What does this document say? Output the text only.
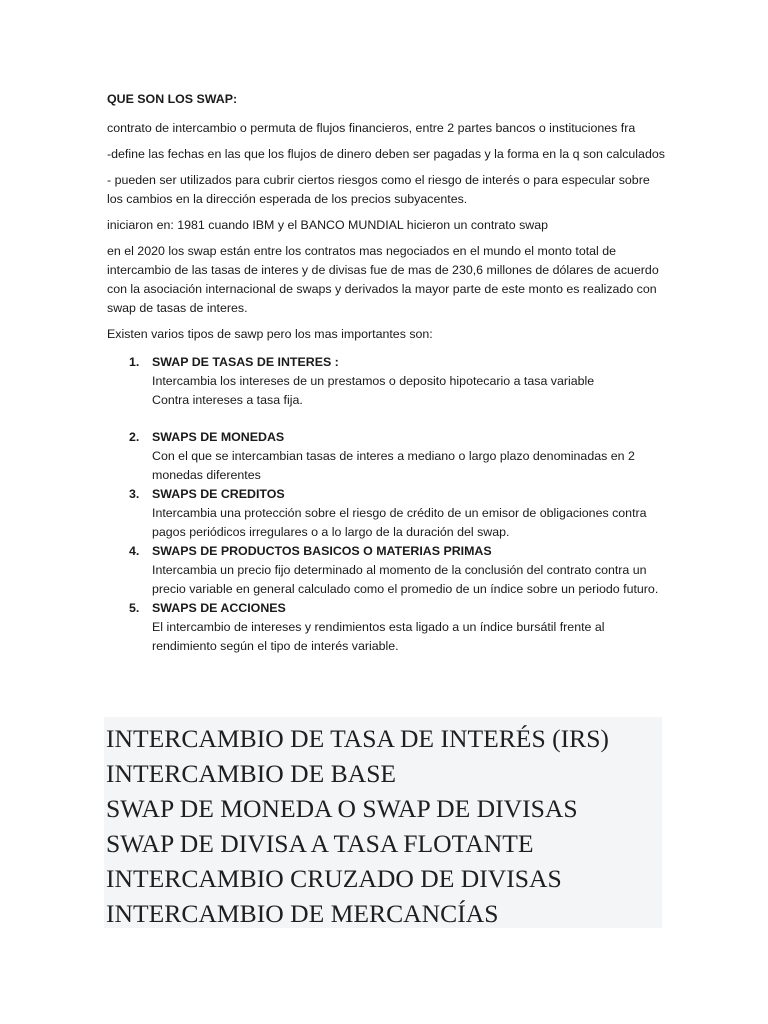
QUE SON LOS SWAP:
contrato de intercambio o permuta de flujos financieros, entre 2 partes bancos o instituciones fra
-define las fechas en las que los flujos de dinero deben ser pagadas y la forma en la q son calculados
- pueden ser utilizados para cubrir ciertos riesgos como el riesgo de interés o para especular sobre los cambios en la dirección esperada de los precios subyacentes.
iniciaron en: 1981 cuando IBM y el BANCO MUNDIAL hicieron un contrato swap
en el 2020 los swap están entre los contratos mas negociados en el mundo el monto total de intercambio de las tasas de interes y de divisas fue de mas de 230,6 millones de dólares de acuerdo con la asociación internacional de swaps y derivados la mayor parte de este monto es realizado con swap de tasas de interes.
Existen varios tipos de sawp pero los mas importantes son:
1. SWAP DE TASAS DE INTERES :
Intercambia los intereses de un prestamos o deposito hipotecario a tasa variable Contra intereses a tasa fija.
2. SWAPS DE MONEDAS
Con el que se intercambian tasas de interes a mediano o largo plazo denominadas en 2 monedas diferentes
3. SWAPS DE CREDITOS
Intercambia una protección sobre el riesgo de crédito de un emisor de obligaciones contra pagos periódicos irregulares o a lo largo de la duración del swap.
4. SWAPS DE PRODUCTOS BASICOS O MATERIAS PRIMAS
Intercambia un precio fijo determinado al momento de la conclusión del contrato contra un precio variable en general calculado como el promedio de un índice sobre un periodo futuro.
5. SWAPS DE ACCIONES
El intercambio de intereses y rendimientos esta ligado a un índice bursátil frente al rendimiento según el tipo de interés variable.
INTERCAMBIO DE TASA DE INTERÉS (IRS)
INTERCAMBIO DE BASE
SWAP DE MONEDA O SWAP DE DIVISAS
SWAP DE DIVISA A TASA FLOTANTE
INTERCAMBIO CRUZADO DE DIVISAS
INTERCAMBIO DE MERCANCÍAS
